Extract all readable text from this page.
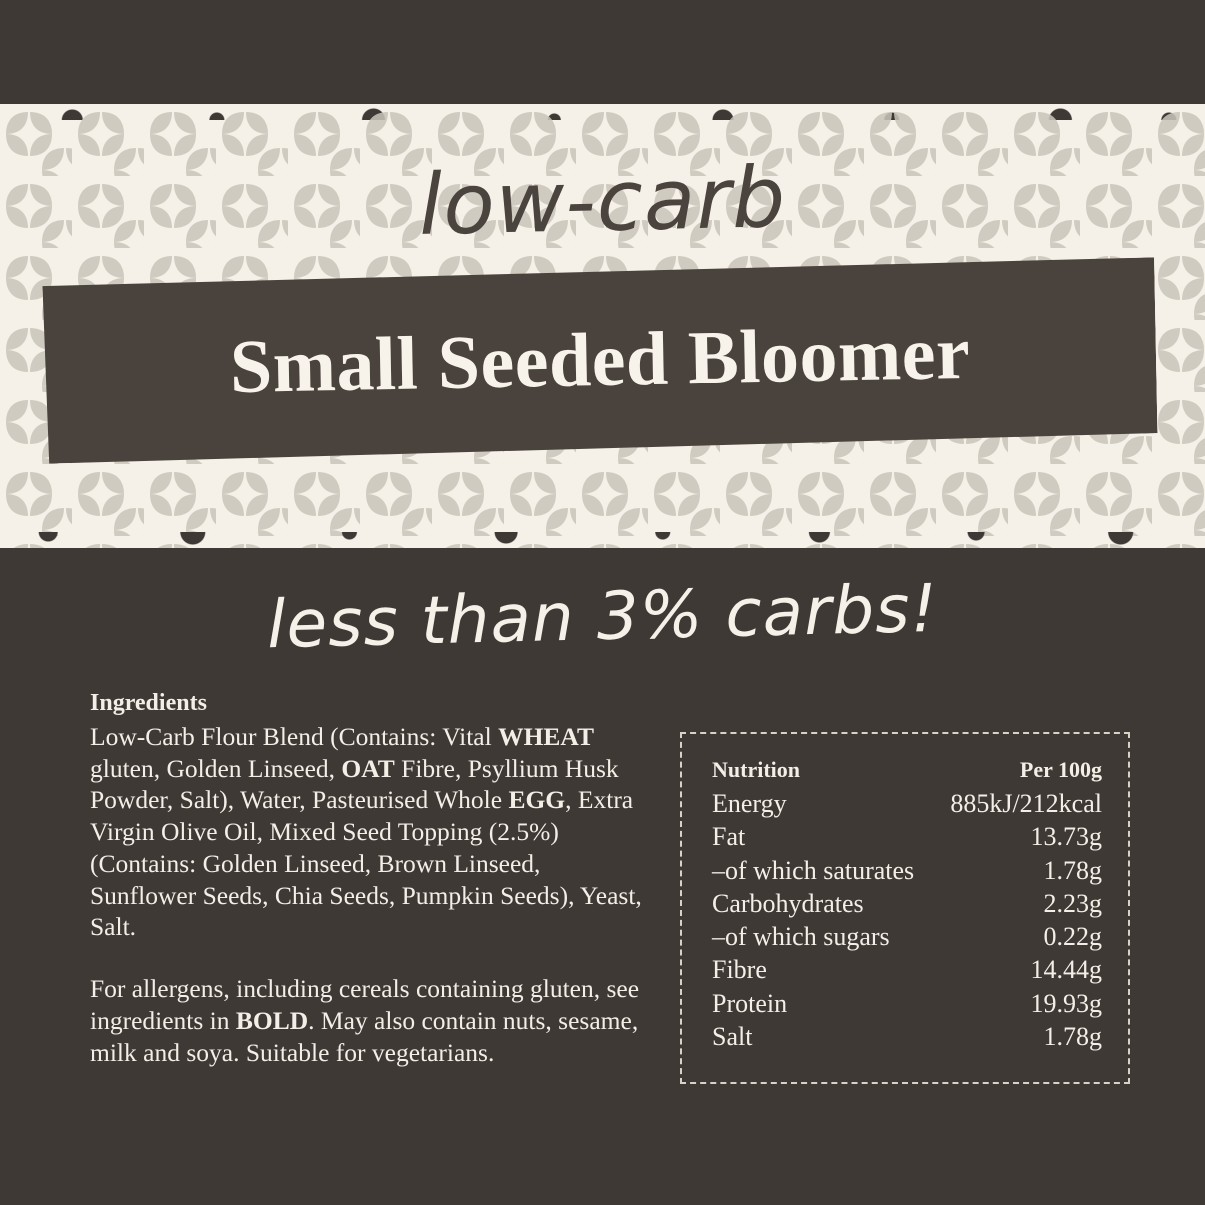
low-carb
Small Seeded Bloomer
less than 3% carbs!
Ingredients
Low-Carb Flour Blend (Contains: Vital WHEAT gluten, Golden Linseed, OAT Fibre, Psyllium Husk Powder, Salt), Water, Pasteurised Whole EGG, Extra Virgin Olive Oil, Mixed Seed Topping (2.5%) (Contains: Golden Linseed, Brown Linseed, Sunflower Seeds, Chia Seeds, Pumpkin Seeds), Yeast, Salt.
For allergens, including cereals containing gluten, see ingredients in BOLD. May also contain nuts, sesame, milk and soya. Suitable for vegetarians.
Nutrition	Per 100g
Energy	885kJ/212kcal
Fat	13.73g
–of which saturates	1.78g
Carbohydrates	2.23g
–of which sugars	0.22g
Fibre	14.44g
Protein	19.93g
Salt	1.78g
